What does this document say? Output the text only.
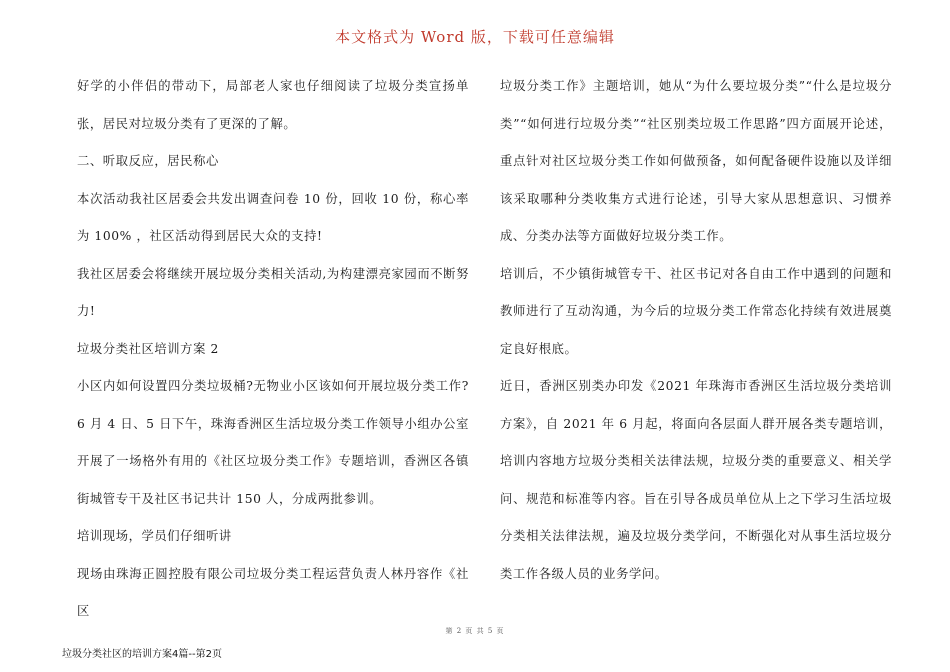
本文格式为 Word 版，下载可任意编辑

好学的小伴侣的带动下，局部老人家也仔细阅读了垃圾分类宣扬单张，居民对垃圾分类有了更深的了解。

二、听取反应，居民称心

本次活动我社区居委会共发出调查问卷 10 份，回收 10 份，称心率为 100% ，社区活动得到居民大众的支持!

我社区居委会将继续开展垃圾分类相关活动,为构建漂亮家园而不断努力!

垃圾分类社区培训方案 2

小区内如何设置四分类垃圾桶?无物业小区该如何开展垃圾分类工作?6 月 4 日、5 日下午，珠海香洲区生活垃圾分类工作领导小组办公室开展了一场格外有用的《社区垃圾分类工作》专题培训，香洲区各镇街城管专干及社区书记共计 150 人，分成两批参训。

培训现场，学员们仔细听讲

现场由珠海正圆控股有限公司垃圾分类工程运营负责人林丹容作《社区

垃圾分类工作》主题培训，她从“为什么要垃圾分类”“什么是垃圾分类”“如何进行垃圾分类”“社区别类垃圾工作思路”四方面展开论述，重点针对社区垃圾分类工作如何做预备，如何配备硬件设施以及详细该采取哪种分类收集方式进行论述，引导大家从思想意识、习惯养成、分类办法等方面做好垃圾分类工作。

培训后，不少镇街城管专干、社区书记对各自由工作中遇到的问题和教师进行了互动沟通，为今后的垃圾分类工作常态化持续有效进展奠定良好根底。

近日，香洲区别类办印发《2021 年珠海市香洲区生活垃圾分类培训方案》，自 2021 年 6 月起，将面向各层面人群开展各类专题培训，培训内容地方垃圾分类相关法律法规，垃圾分类的重要意义、相关学问、规范和标准等内容。旨在引导各成员单位从上之下学习生活垃圾分类相关法律法规，遍及垃圾分类学问，不断强化对从事生活垃圾分类工作各级人员的业务学问。

第 2 页 共 5 页
垃圾分类社区的培训方案4篇--第2页
